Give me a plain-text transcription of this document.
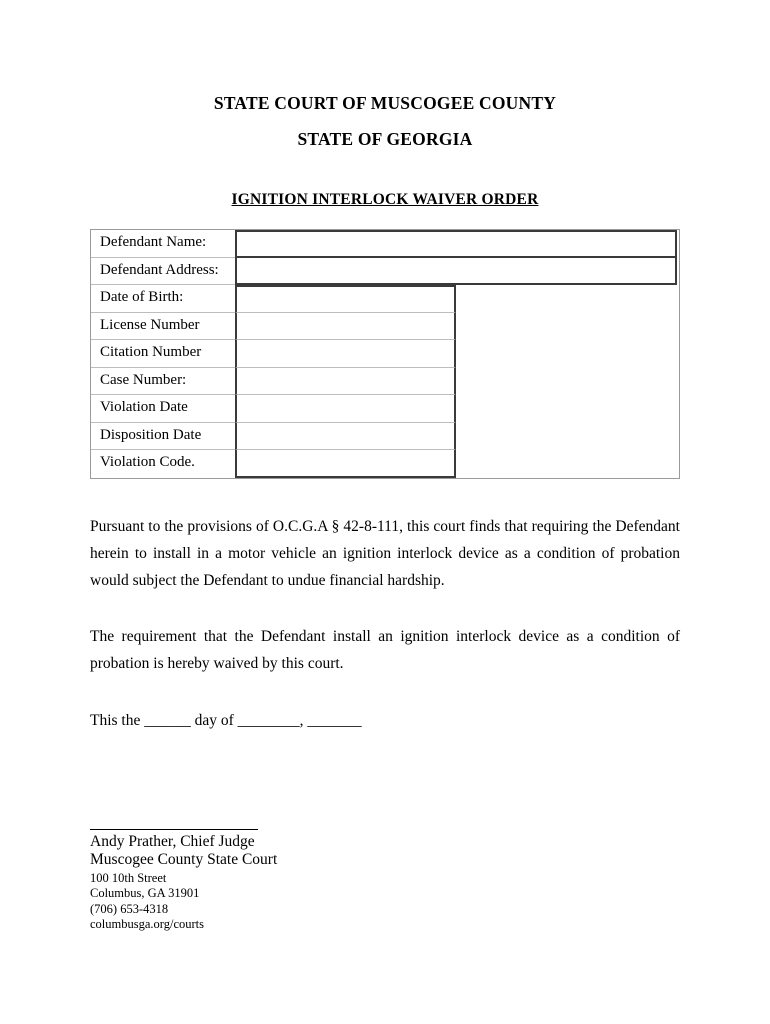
STATE COURT OF MUSCOGEE COUNTY
STATE OF GEORGIA
IGNITION INTERLOCK WAIVER ORDER
Defendant Name:
Defendant Address:
Date of Birth:
License Number
Citation Number
Case Number:
Violation Date
Disposition Date
Violation Code.
Pursuant to the provisions of O.C.G.A § 42-8-111, this court finds that requiring the Defendant herein to install in a motor vehicle an ignition interlock device as a condition of probation would subject the Defendant to undue financial hardship.
The requirement that the Defendant install an ignition interlock device as a condition of probation is hereby waived by this court.
This the ______ day of ________, _______
Andy Prather, Chief Judge
Muscogee County State Court
100 10th Street
Columbus, GA 31901
(706) 653-4318
columbusga.org/courts
